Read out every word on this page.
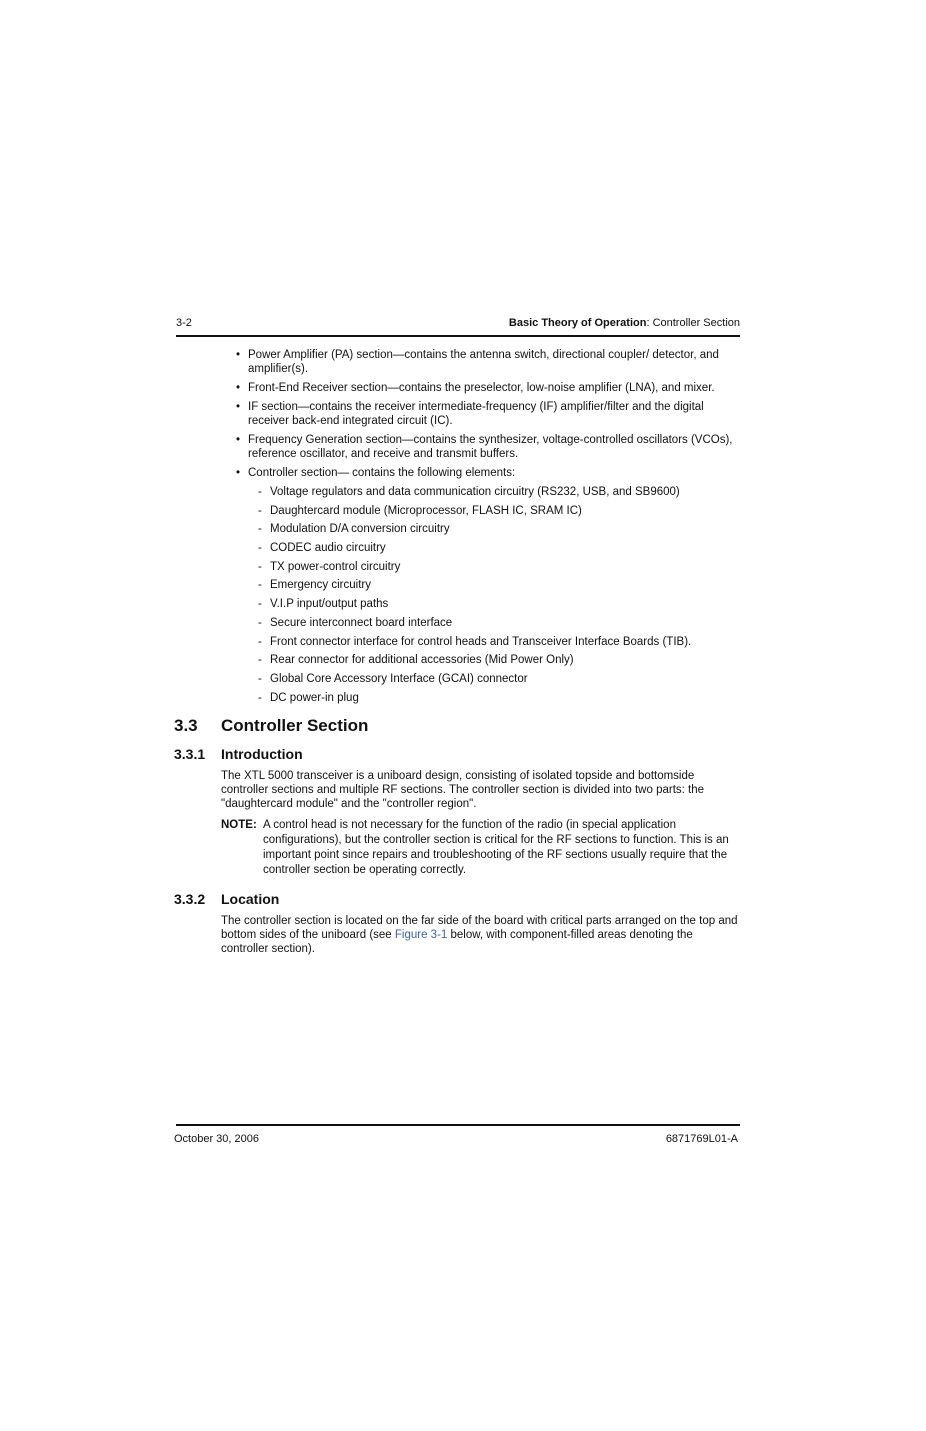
3-2	Basic Theory of Operation: Controller Section
• Power Amplifier (PA) section—contains the antenna switch, directional coupler/ detector, and amplifier(s).
• Front-End Receiver section—contains the preselector, low-noise amplifier (LNA), and mixer.
• IF section—contains the receiver intermediate-frequency (IF) amplifier/filter and the digital receiver back-end integrated circuit (IC).
• Frequency Generation section—contains the synthesizer, voltage-controlled oscillators (VCOs), reference oscillator, and receive and transmit buffers.
• Controller section— contains the following elements:
- Voltage regulators and data communication circuitry (RS232, USB, and SB9600)
- Daughtercard module (Microprocessor, FLASH IC, SRAM IC)
- Modulation D/A conversion circuitry
- CODEC audio circuitry
- TX power-control circuitry
- Emergency circuitry
- V.I.P input/output paths
- Secure interconnect board interface
- Front connector interface for control heads and Transceiver Interface Boards (TIB).
- Rear connector for additional accessories (Mid Power Only)
- Global Core Accessory Interface (GCAI) connector
- DC power-in plug
3.3 Controller Section
3.3.1 Introduction
The XTL 5000 transceiver is a uniboard design, consisting of isolated topside and bottomside controller sections and multiple RF sections. The controller section is divided into two parts: the "daughtercard module" and the "controller region".
NOTE: A control head is not necessary for the function of the radio (in special application configurations), but the controller section is critical for the RF sections to function. This is an important point since repairs and troubleshooting of the RF sections usually require that the controller section be operating correctly.
3.3.2 Location
The controller section is located on the far side of the board with critical parts arranged on the top and bottom sides of the uniboard (see Figure 3-1 below, with component-filled areas denoting the controller section).
October 30, 2006	6871769L01-A
